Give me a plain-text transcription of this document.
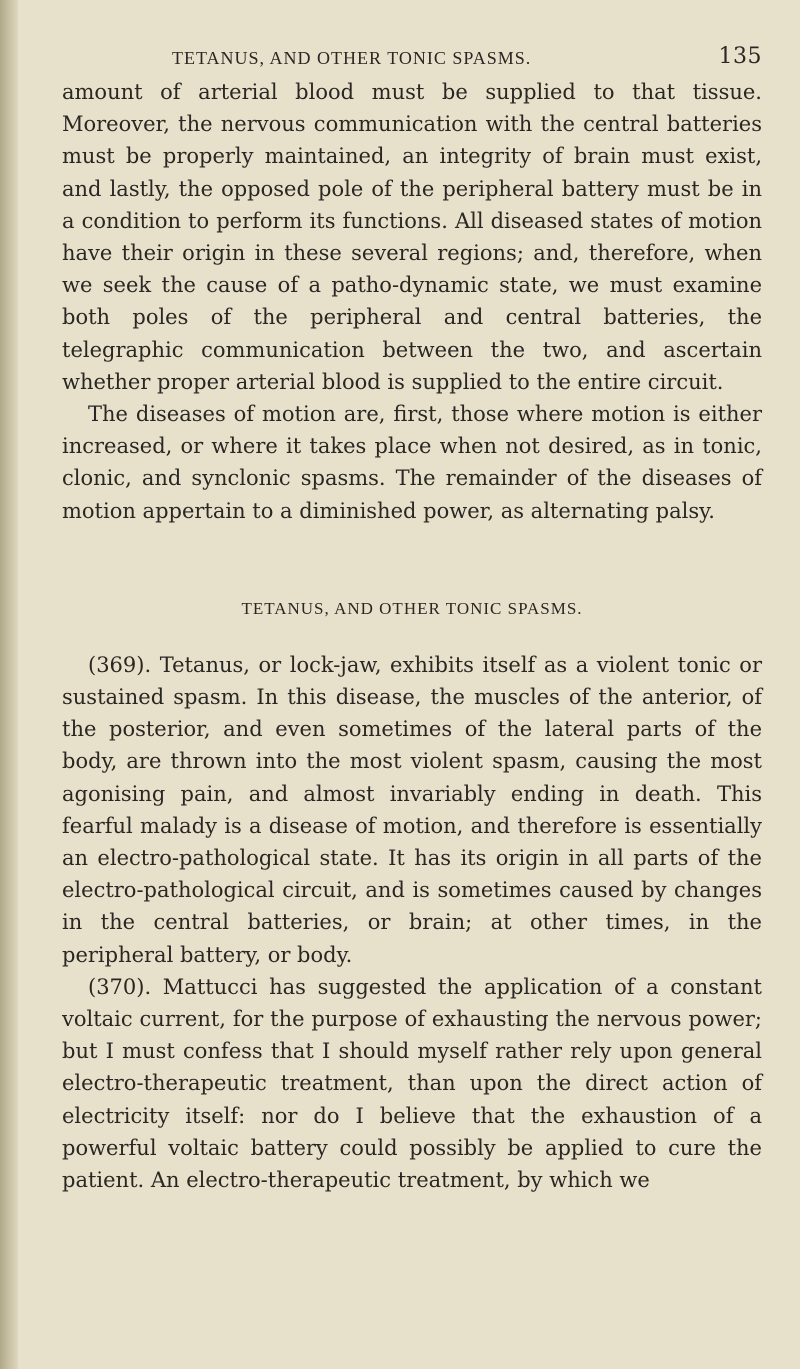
TETANUS, AND OTHER TONIC SPASMS.	135

amount of arterial blood must be supplied to that tissue. Moreover, the nervous communication with the central batteries must be properly maintained, an integrity of brain must exist, and lastly, the opposed pole of the peripheral battery must be in a condition to perform its functions. All diseased states of motion have their origin in these several regions; and, therefore, when we seek the cause of a patho-dynamic state, we must examine both poles of the peripheral and central batteries, the telegraphic communication between the two, and ascertain whether proper arterial blood is supplied to the entire circuit.

The diseases of motion are, first, those where motion is either increased, or where it takes place when not desired, as in tonic, clonic, and synclonic spasms. The remainder of the diseases of motion appertain to a diminished power, as alternating palsy.

TETANUS, AND OTHER TONIC SPASMS.

(369). Tetanus, or lock-jaw, exhibits itself as a violent tonic or sustained spasm. In this disease, the muscles of the anterior, of the posterior, and even sometimes of the lateral parts of the body, are thrown into the most violent spasm, causing the most agonising pain, and almost invariably ending in death. This fearful malady is a disease of motion, and therefore is essentially an electro-pathological state. It has its origin in all parts of the electro-pathological circuit, and is sometimes caused by changes in the central batteries, or brain; at other times, in the peripheral battery, or body.

(370). Mattucci has suggested the application of a constant voltaic current, for the purpose of exhausting the nervous power; but I must confess that I should myself rather rely upon general electro-therapeutic treatment, than upon the direct action of electricity itself: nor do I believe that the exhaustion of a powerful voltaic battery could possibly be applied to cure the patient. An electro-therapeutic treatment, by which we
